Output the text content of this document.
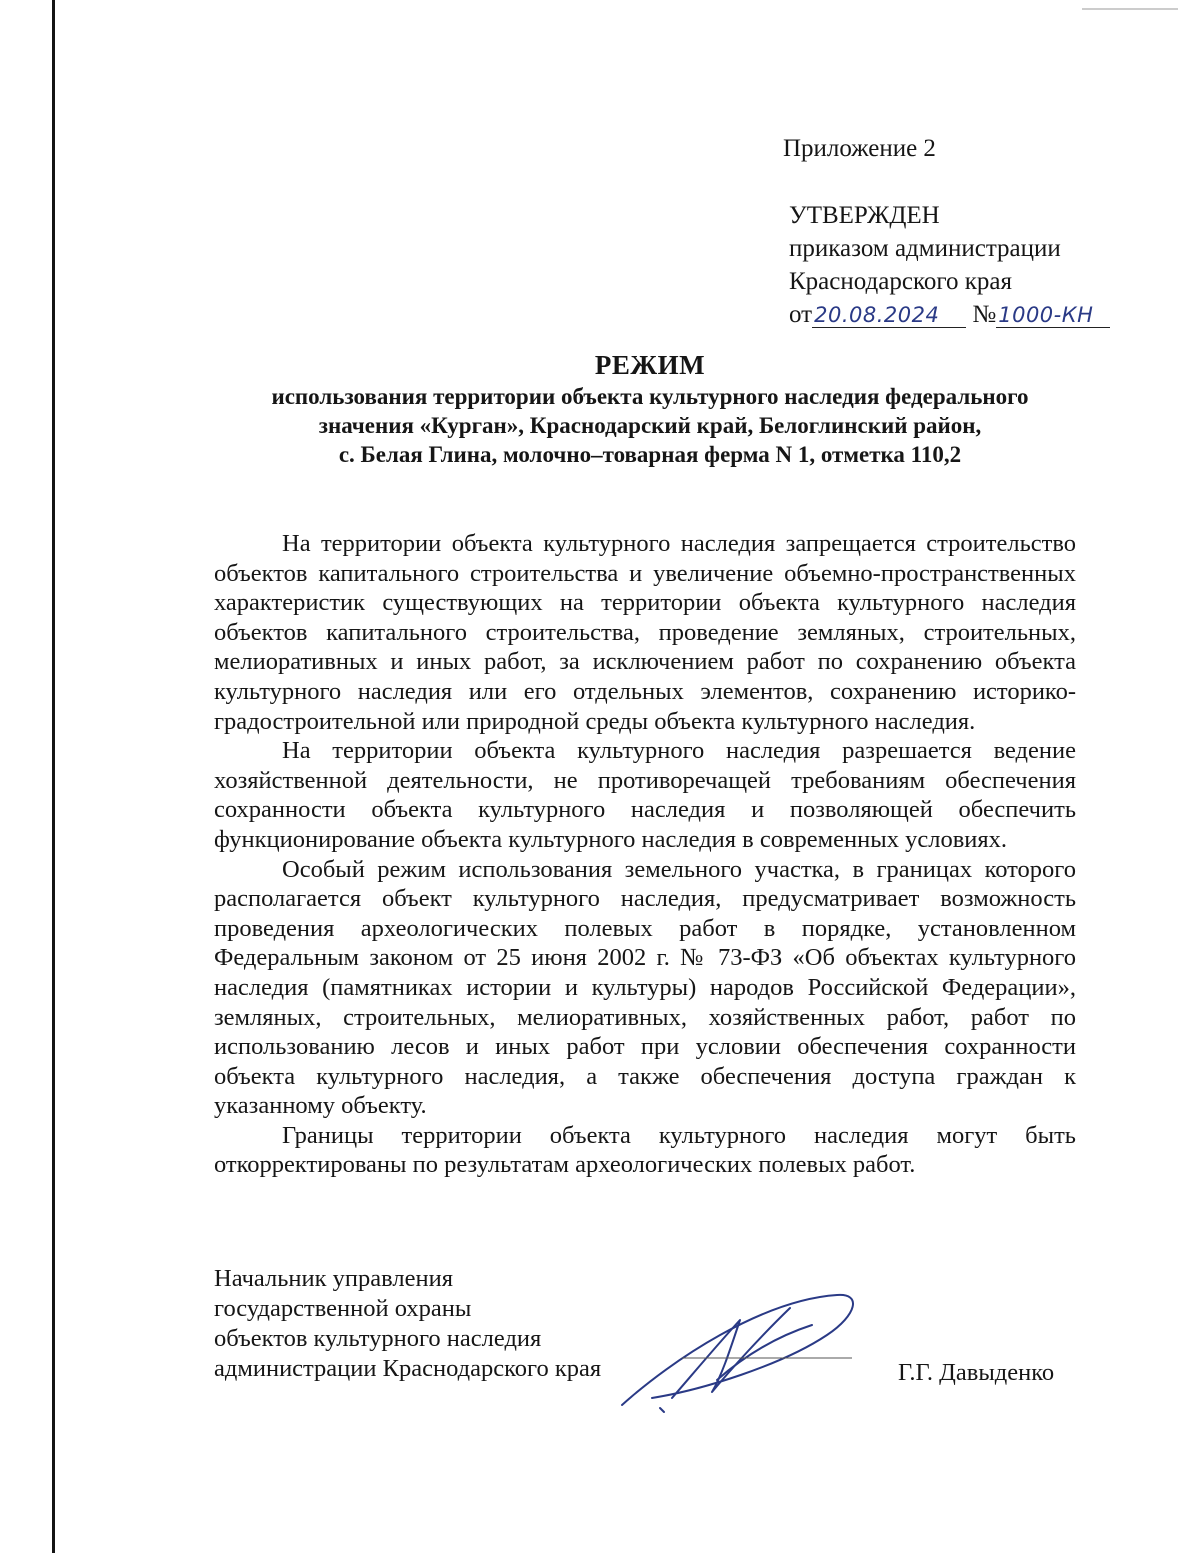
Приложение 2
УТВЕРЖДЕН
приказом администрации
Краснодарского края
от20.08.2024 №1000-КН
РЕЖИМ
использования территории объекта культурного наследия федерального
значения «Курган», Краснодарский край, Белоглинский район,
с. Белая Глина, молочно–товарная ферма N 1, отметка 110,2

На территории объекта культурного наследия запрещается строительство объектов капитального строительства и увеличение объемно-пространственных характеристик существующих на территории объекта культурного наследия объектов капитального строительства, проведение земляных, строительных, мелиоративных и иных работ, за исключением работ по сохранению объекта культурного наследия или его отдельных элементов, сохранению историко-градостроительной или природной среды объекта культурного наследия.

На территории объекта культурного наследия разрешается ведение хозяйственной деятельности, не противоречащей требованиям обеспечения сохранности объекта культурного наследия и позволяющей обеспечить функционирование объекта культурного наследия в современных условиях.

Особый режим использования земельного участка, в границах которого располагается объект культурного наследия, предусматривает возможность проведения археологических полевых работ в порядке, установленном Федеральным законом от 25 июня 2002 г. № 73-ФЗ «Об объектах культурного наследия (памятниках истории и культуры) народов Российской Федерации», земляных, строительных, мелиоративных, хозяйственных работ, работ по использованию лесов и иных работ при условии обеспечения сохранности объекта культурного наследия, а также обеспечения доступа граждан к указанному объекту.

Границы территории объекта культурного наследия могут быть откорректированы по результатам археологических полевых работ.

Начальник управления
государственной охраны
объектов культурного наследия
администрации Краснодарского края	Г.Г. Давыденко
